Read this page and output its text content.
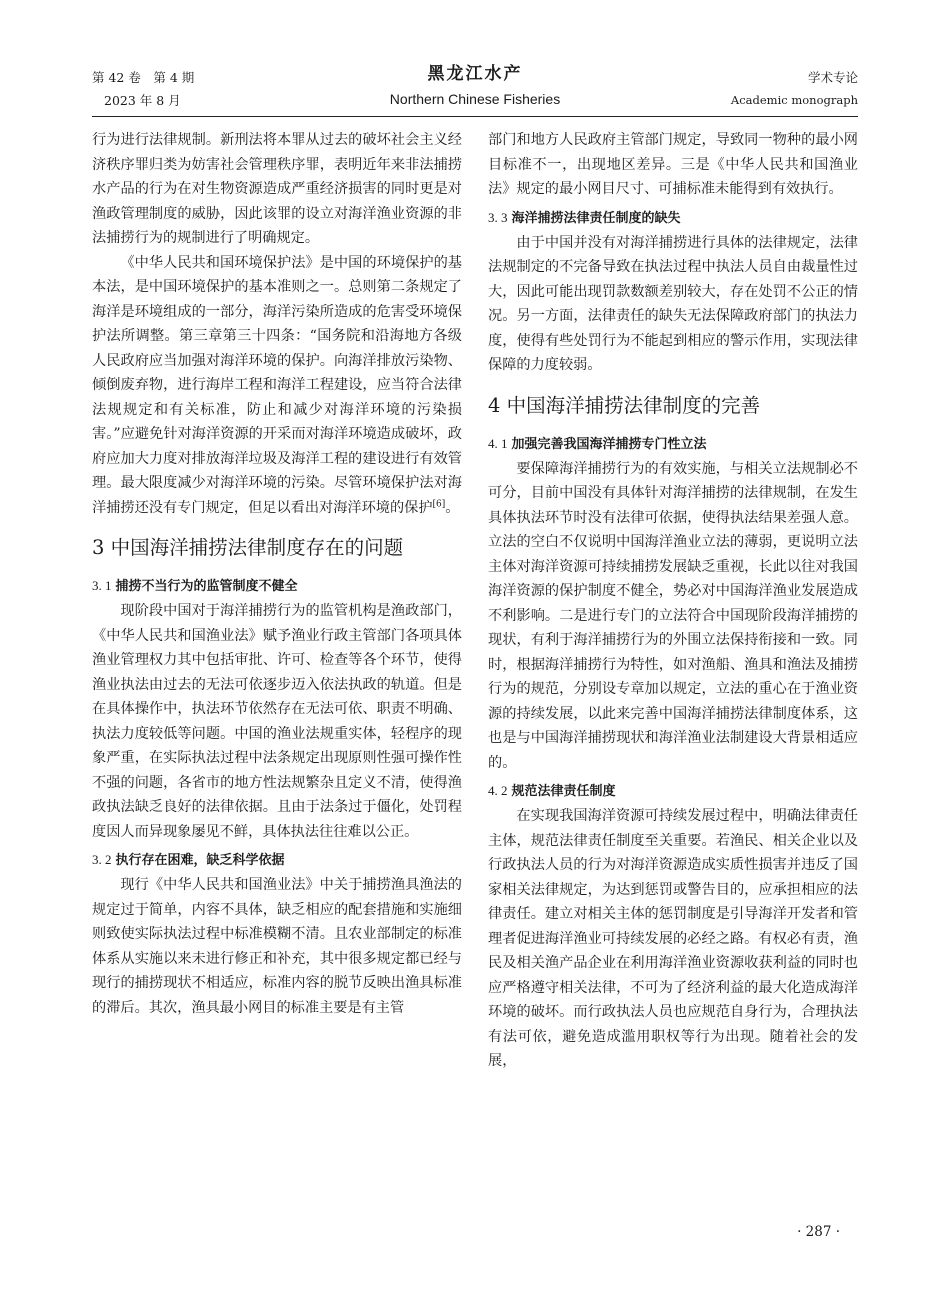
第 42 卷　第 4 期
2023 年 8 月
黑龙江水产
Northern Chinese Fisheries
学术专论
Academic monograph

行为进行法律规制。新刑法将本罪从过去的破坏社会主义经济秩序罪归类为妨害社会管理秩序罪，表明近年来非法捕捞水产品的行为在对生物资源造成严重经济损害的同时更是对渔政管理制度的威胁，因此该罪的设立对海洋渔业资源的非法捕捞行为的规制进行了明确规定。

《中华人民共和国环境保护法》是中国的环境保护的基本法，是中国环境保护的基本准则之一。总则第二条规定了海洋是环境组成的一部分，海洋污染所造成的危害受环境保护法所调整。第三章第三十四条：“国务院和沿海地方各级人民政府应当加强对海洋环境的保护。向海洋排放污染物、倾倒废弃物，进行海岸工程和海洋工程建设，应当符合法律法规规定和有关标准，防止和减少对海洋环境的污染损害。”应避免针对海洋资源的开采而对海洋环境造成破坏，政府应加大力度对排放海洋垃圾及海洋工程的建设进行有效管理。最大限度减少对海洋环境的污染。尽管环境保护法对海洋捕捞还没有专门规定，但足以看出对海洋环境的保护[6]。

3 中国海洋捕捞法律制度存在的问题
3. 1 捕捞不当行为的监管制度不健全

现阶段中国对于海洋捕捞行为的监管机构是渔政部门，《中华人民共和国渔业法》赋予渔业行政主管部门各项具体渔业管理权力其中包括审批、许可、检查等各个环节，使得渔业执法由过去的无法可依逐步迈入依法执政的轨道。但是在具体操作中，执法环节依然存在无法可依、职责不明确、执法力度较低等问题。中国的渔业法规重实体，轻程序的现象严重，在实际执法过程中法条规定出现原则性强可操作性不强的问题，各省市的地方性法规繁杂且定义不清，使得渔政执法缺乏良好的法律依据。且由于法条过于僵化，处罚程度因人而异现象屡见不鲜，具体执法往往难以公正。

3. 2 执行存在困难，缺乏科学依据

现行《中华人民共和国渔业法》中关于捕捞渔具渔法的规定过于简单，内容不具体，缺乏相应的配套措施和实施细则致使实际执法过程中标准模糊不清。且农业部制定的标准体系从实施以来未进行修正和补充，其中很多规定都已经与现行的捕捞现状不相适应，标准内容的脱节反映出渔具标准的滞后。其次，渔具最小网目的标准主要是有主管

部门和地方人民政府主管部门规定，导致同一物种的最小网目标准不一，出现地区差异。三是《中华人民共和国渔业法》规定的最小网目尺寸、可捕标准未能得到有效执行。

3. 3 海洋捕捞法律责任制度的缺失

由于中国并没有对海洋捕捞进行具体的法律规定，法律法规制定的不完备导致在执法过程中执法人员自由裁量性过大，因此可能出现罚款数额差别较大，存在处罚不公正的情况。另一方面，法律责任的缺失无法保障政府部门的执法力度，使得有些处罚行为不能起到相应的警示作用，实现法律保障的力度较弱。

4 中国海洋捕捞法律制度的完善
4. 1 加强完善我国海洋捕捞专门性立法

要保障海洋捕捞行为的有效实施，与相关立法规制必不可分，目前中国没有具体针对海洋捕捞的法律规制，在发生具体执法环节时没有法律可依据，使得执法结果差强人意。立法的空白不仅说明中国海洋渔业立法的薄弱，更说明立法主体对海洋资源可持续捕捞发展缺乏重视，长此以往对我国海洋资源的保护制度不健全，势必对中国海洋渔业发展造成不利影响。二是进行专门的立法符合中国现阶段海洋捕捞的现状，有利于海洋捕捞行为的外围立法保持衔接和一致。同时，根据海洋捕捞行为特性，如对渔船、渔具和渔法及捕捞行为的规范，分别设专章加以规定，立法的重心在于渔业资源的持续发展，以此来完善中国海洋捕捞法律制度体系，这也是与中国海洋捕捞现状和海洋渔业法制建设大背景相适应的。

4. 2 规范法律责任制度

在实现我国海洋资源可持续发展过程中，明确法律责任主体，规范法律责任制度至关重要。若渔民、相关企业以及行政执法人员的行为对海洋资源造成实质性损害并违反了国家相关法律规定，为达到惩罚或警告目的，应承担相应的法律责任。建立对相关主体的惩罚制度是引导海洋开发者和管理者促进海洋渔业可持续发展的必经之路。有权必有责，渔民及相关渔产品企业在利用海洋渔业资源收获利益的同时也应严格遵守相关法律，不可为了经济利益的最大化造成海洋环境的破坏。而行政执法人员也应规范自身行为，合理执法有法可依，避免造成滥用职权等行为出现。随着社会的发展，

· 287 ·
